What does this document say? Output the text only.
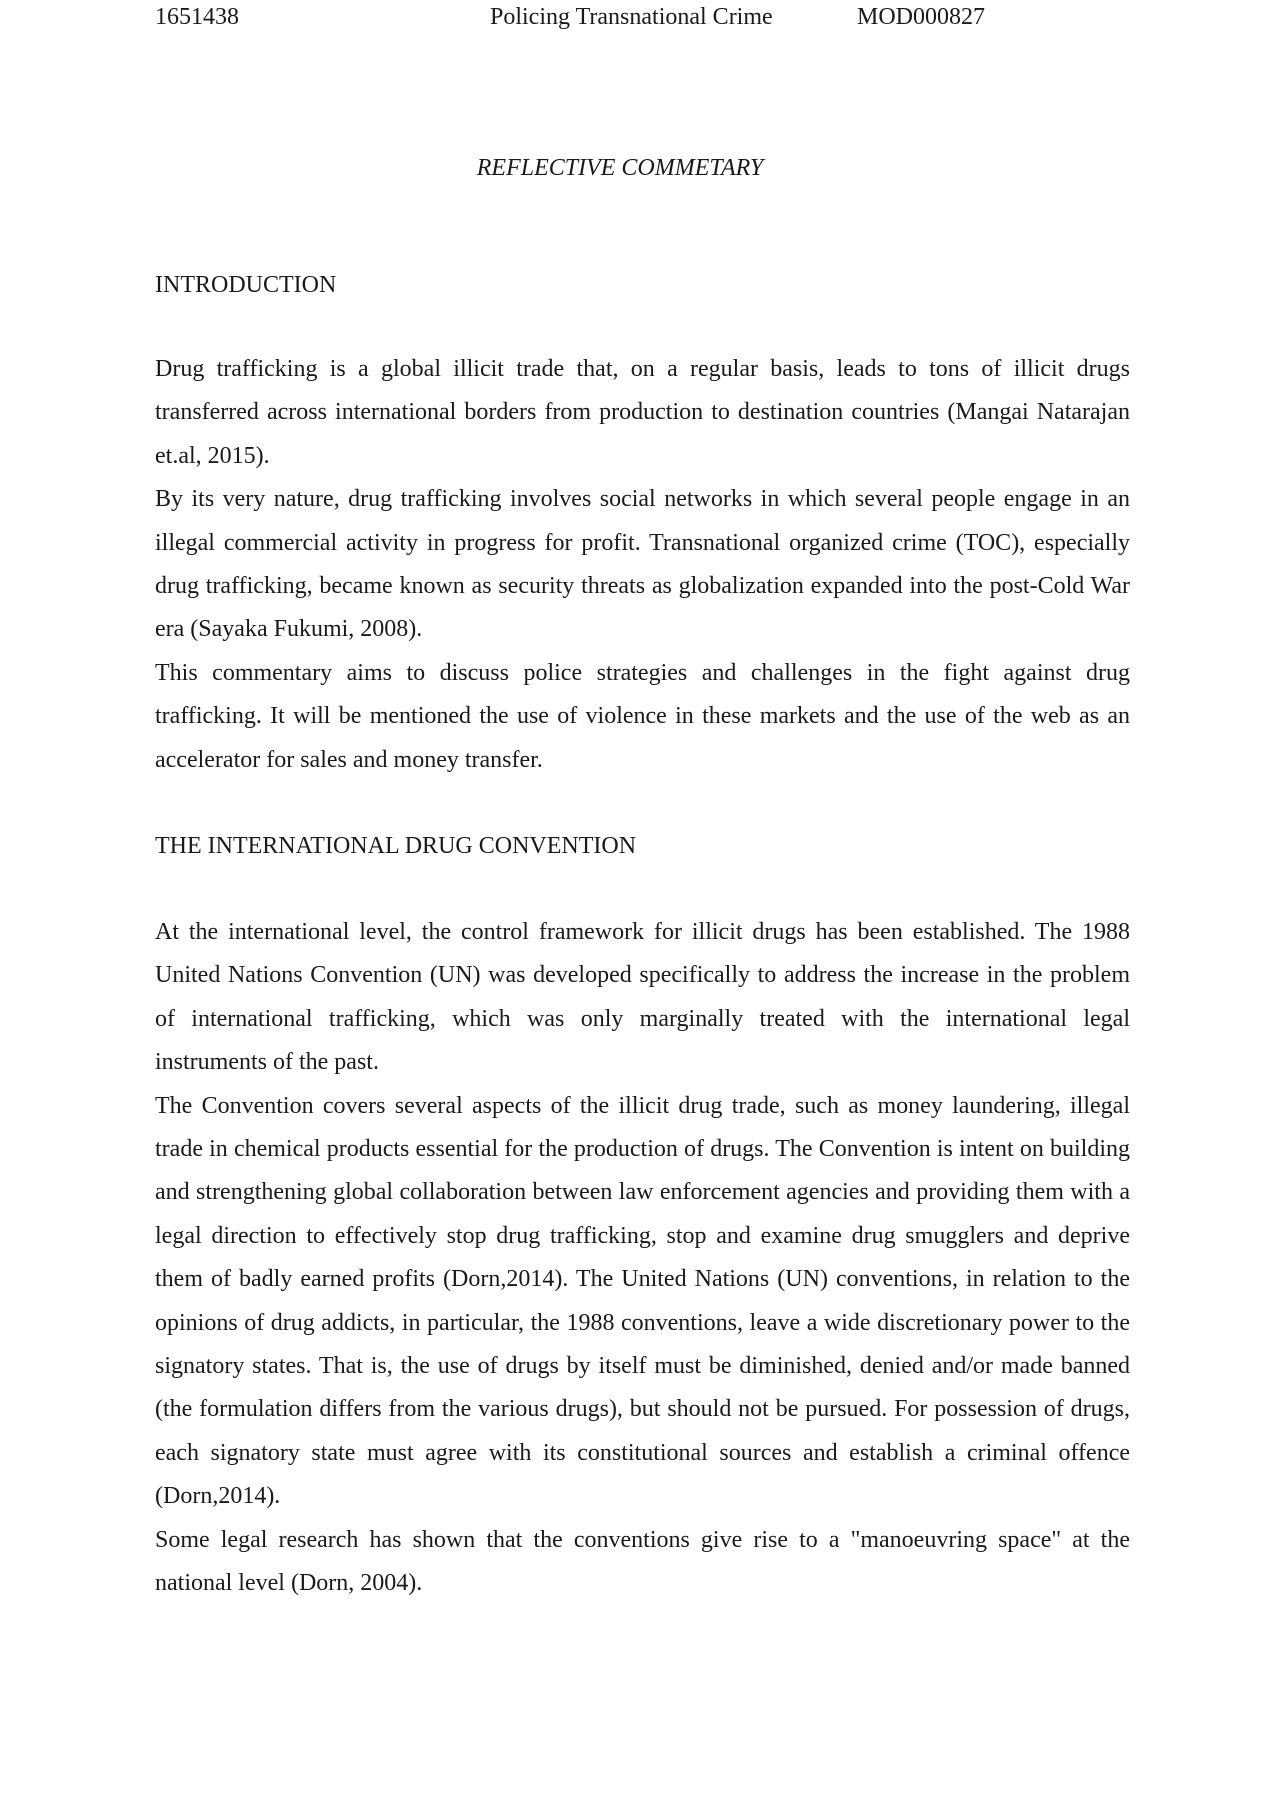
1651438	Policing Transnational Crime	MOD000827
REFLECTIVE COMMETARY
INTRODUCTION

Drug trafficking is a global illicit trade that, on a regular basis, leads to tons of illicit drugs transferred across international borders from production to destination countries (Mangai Natarajan et.al, 2015).

By its very nature, drug trafficking involves social networks in which several people engage in an illegal commercial activity in progress for profit. Transnational organized crime (TOC), especially drug trafficking, became known as security threats as globalization expanded into the post-Cold War era (Sayaka Fukumi, 2008).

This commentary aims to discuss police strategies and challenges in the fight against drug trafficking. It will be mentioned the use of violence in these markets and the use of the web as an accelerator for sales and money transfer.

THE INTERNATIONAL DRUG CONVENTION

At the international level, the control framework for illicit drugs has been established. The 1988 United Nations Convention (UN) was developed specifically to address the increase in the problem of international trafficking, which was only marginally treated with the international legal instruments of the past.

The Convention covers several aspects of the illicit drug trade, such as money laundering, illegal trade in chemical products essential for the production of drugs. The Convention is intent on building and strengthening global collaboration between law enforcement agencies and providing them with a legal direction to effectively stop drug trafficking, stop and examine drug smugglers and deprive them of badly earned profits (Dorn,2014). The United Nations (UN) conventions, in relation to the opinions of drug addicts, in particular, the 1988 conventions, leave a wide discretionary power to the signatory states. That is, the use of drugs by itself must be diminished, denied and/or made banned (the formulation differs from the various drugs), but should not be pursued. For possession of drugs, each signatory state must agree with its constitutional sources and establish a criminal offence (Dorn,2014).

Some legal research has shown that the conventions give rise to a "manoeuvring space" at the national level (Dorn, 2004).
